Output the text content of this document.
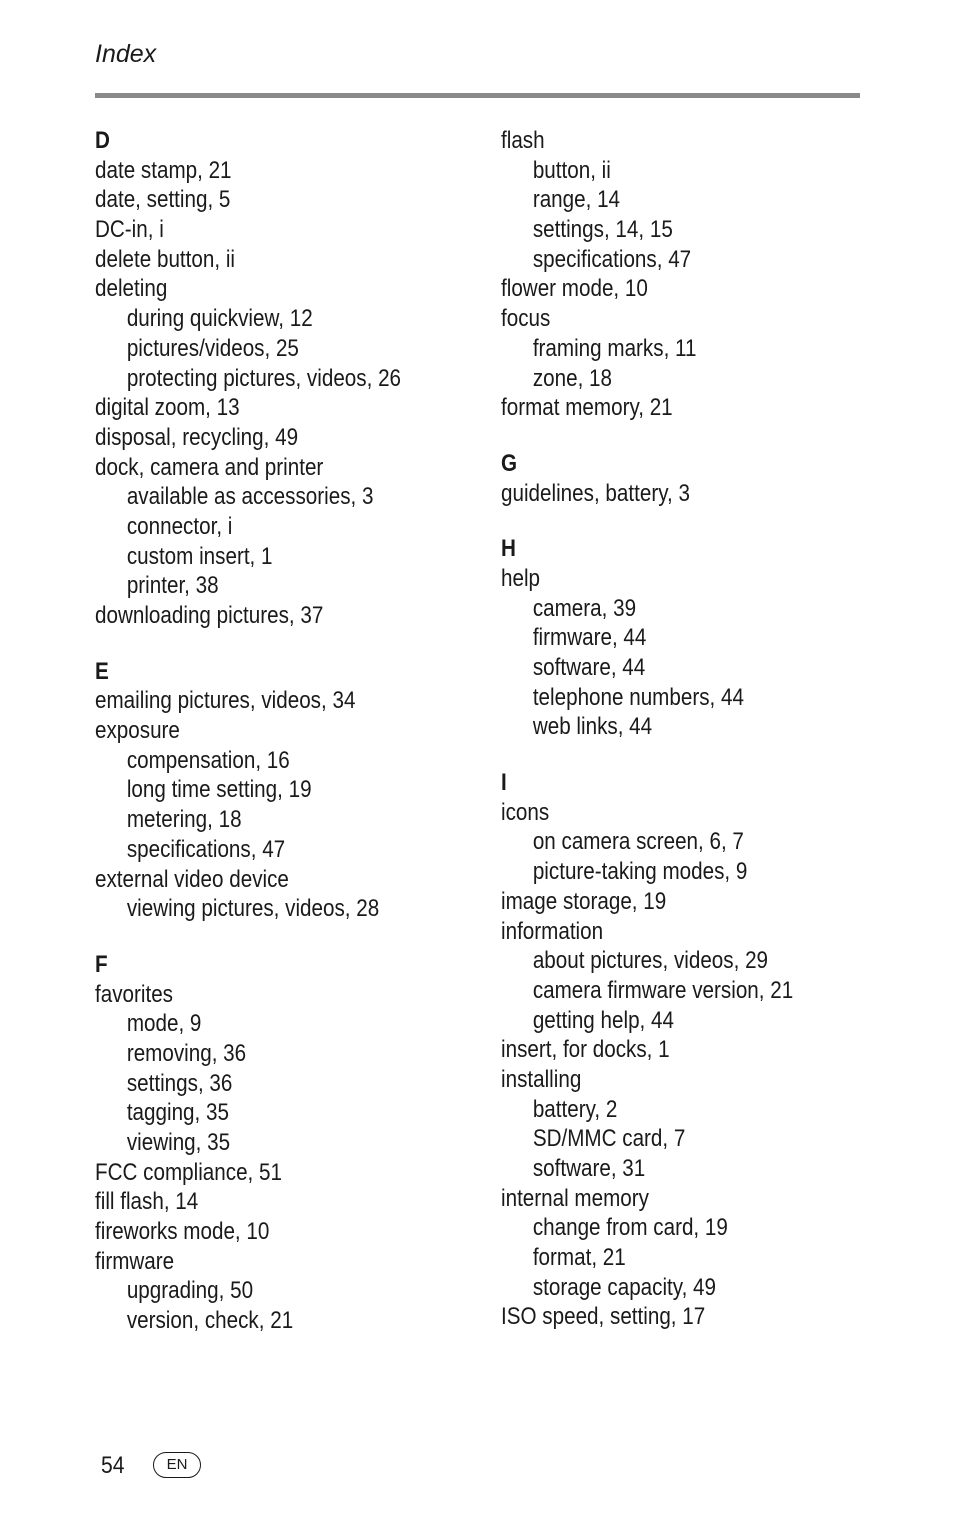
Index
D
date stamp, 21
date, setting, 5
DC-in, i
delete button, ii
deleting
during quickview, 12
pictures/videos, 25
protecting pictures, videos, 26
digital zoom, 13
disposal, recycling, 49
dock, camera and printer
available as accessories, 3
connector, i
custom insert, 1
printer, 38
downloading pictures, 37
E
emailing pictures, videos, 34
exposure
compensation, 16
long time setting, 19
metering, 18
specifications, 47
external video device
viewing pictures, videos, 28
F
favorites
mode, 9
removing, 36
settings, 36
tagging, 35
viewing, 35
FCC compliance, 51
fill flash, 14
fireworks mode, 10
firmware
upgrading, 50
version, check, 21
flash
button, ii
range, 14
settings, 14, 15
specifications, 47
flower mode, 10
focus
framing marks, 11
zone, 18
format memory, 21
G
guidelines, battery, 3
H
help
camera, 39
firmware, 44
software, 44
telephone numbers, 44
web links, 44
I
icons
on camera screen, 6, 7
picture-taking modes, 9
image storage, 19
information
about pictures, videos, 29
camera firmware version, 21
getting help, 44
insert, for docks, 1
installing
battery, 2
SD/MMC card, 7
software, 31
internal memory
change from card, 19
format, 21
storage capacity, 49
ISO speed, setting, 17
54	EN
